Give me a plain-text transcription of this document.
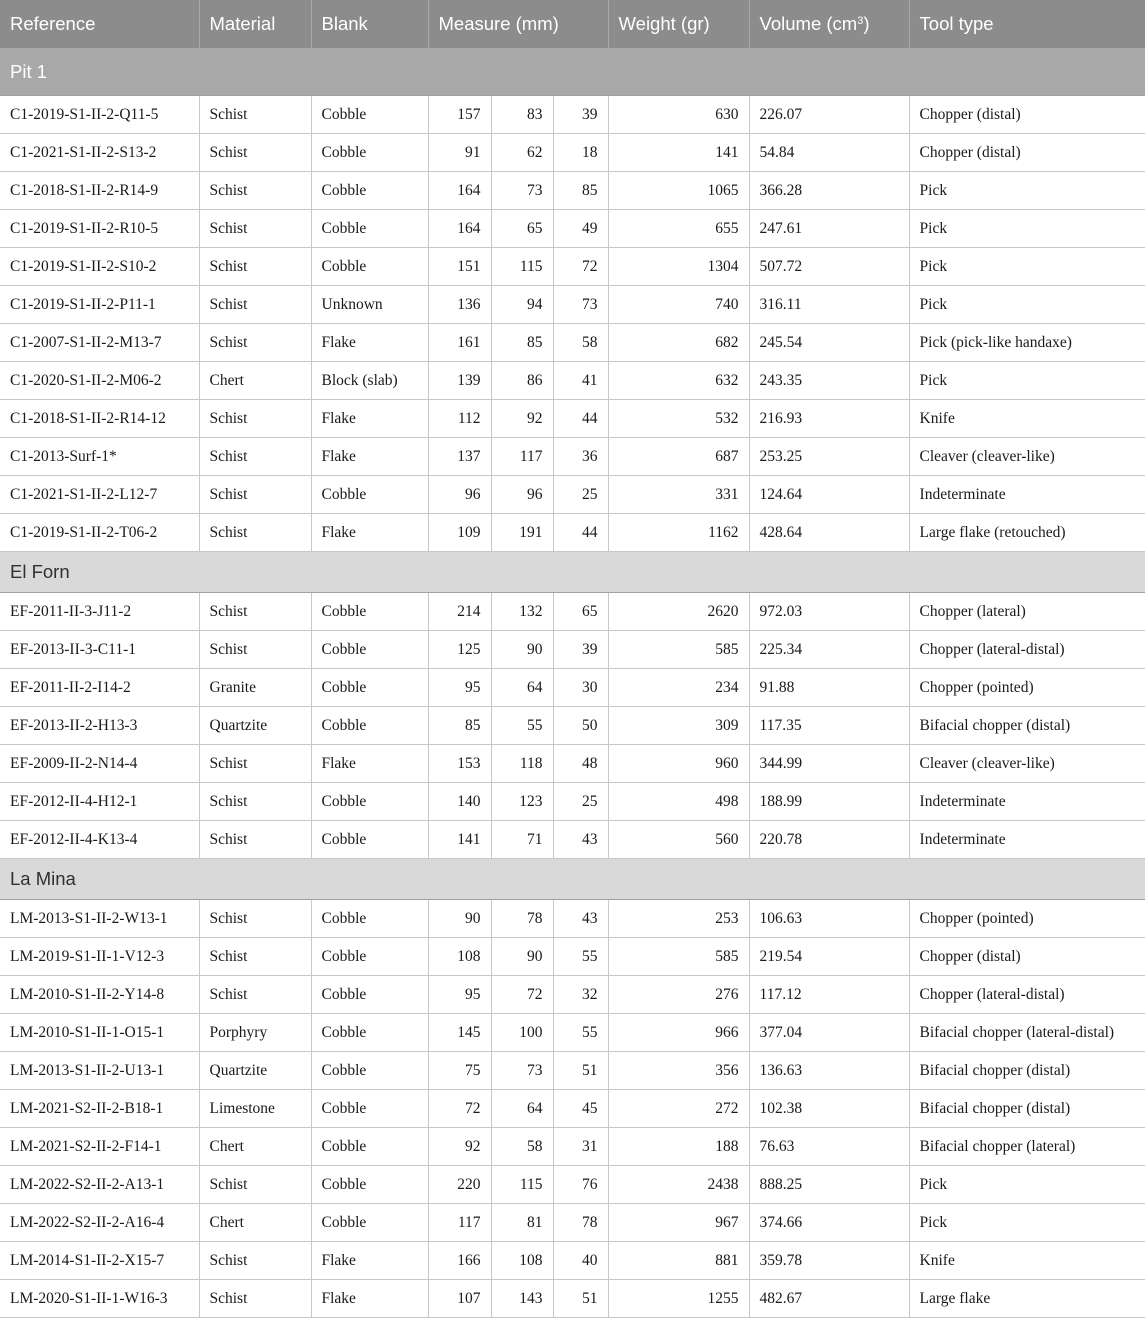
Reference	Material	Blank	Measure (mm)			Weight (gr)	Volume $(cm^3)$	Tool type
Pit 1								
C1-2019-S1-II-2-Q11-5	Schist	Cobble	157	83	39	630	226.07	Chopper (distal)
C1-2021-S1-II-2-S13-2	Schist	Cobble	91	62	18	141	54.84	Chopper (distal)
C1-2018-S1-II-2-R14-9	Schist	Cobble	164	73	85	1065	366.28	Pick
C1-2019-S1-II-2-R10-5	Schist	Cobble	164	65	49	655	247.61	Pick
C1-2019-S1-II-2-S10-2	Schist	Cobble	151	115	72	1304	507.72	Pick
C1-2019-S1-II-2-P11-1	Schist	Unknown	136	94	73	740	316.11	Pick
C1-2007-S1-II-2-M13-7	Schist	Flake	161	85	58	682	245.54	Pick (pick-like handaxe)
C1-2020-S1-II-2-M06-2	Chert	Block (slab)	139	86	41	632	243.35	Pick
C1-2018-S1-II-2-R14-12	Schist	Flake	112	92	44	532	216.93	Knife
C1-2013-Surf-1*	Schist	Flake	137	117	36	687	253.25	Cleaver (cleaver-like)
C1-2021-S1-II-2-L12-7	Schist	Cobble	96	96	25	331	124.64	Indeterminate
C1-2019-S1-II-2-T06-2	Schist	Flake	109	191	44	1162	428.64	Large flake (retouched)
El Forn								
EF-2011-II-3-J11-2	Schist	Cobble	214	132	65	2620	972.03	Chopper (lateral)
EF-2013-II-3-C11-1	Schist	Cobble	125	90	39	585	225.34	Chopper (lateral-distal)
EF-2011-II-2-I14-2	Granite	Cobble	95	64	30	234	91.88	Chopper (pointed)
EF-2013-II-2-H13-3	Quartzite	Cobble	85	55	50	309	117.35	Bifacial chopper (distal)
EF-2009-II-2-N14-4	Schist	Flake	153	118	48	960	344.99	Cleaver (cleaver-like)
EF-2012-II-4-H12-1	Schist	Cobble	140	123	25	498	188.99	Indeterminate
EF-2012-II-4-K13-4	Schist	Cobble	141	71	43	560	220.78	Indeterminate
La Mina								
LM-2013-S1-II-2-W13-1	Schist	Cobble	90	78	43	253	106.63	Chopper (pointed)
LM-2019-S1-II-1-V12-3	Schist	Cobble	108	90	55	585	219.54	Chopper (distal)
LM-2010-S1-II-2-Y14-8	Schist	Cobble	95	72	32	276	117.12	Chopper (lateral-distal)
LM-2010-S1-II-1-O15-1	Porphyry	Cobble	145	100	55	966	377.04	Bifacial chopper (lateral-distal)
LM-2013-S1-II-2-U13-1	Quartzite	Cobble	75	73	51	356	136.63	Bifacial chopper (distal)
LM-2021-S2-II-2-B18-1	Limestone	Cobble	72	64	45	272	102.38	Bifacial chopper (distal)
LM-2021-S2-II-2-F14-1	Chert	Cobble	92	58	31	188	76.63	Bifacial chopper (lateral)
LM-2022-S2-II-2-A13-1	Schist	Cobble	220	115	76	2438	888.25	Pick
LM-2022-S2-II-2-A16-4	Chert	Cobble	117	81	78	967	374.66	Pick
LM-2014-S1-II-2-X15-7	Schist	Flake	166	108	40	881	359.78	Knife
LM-2020-S1-II-1-W16-3	Schist	Flake	107	143	51	1255	482.67	Large flake
